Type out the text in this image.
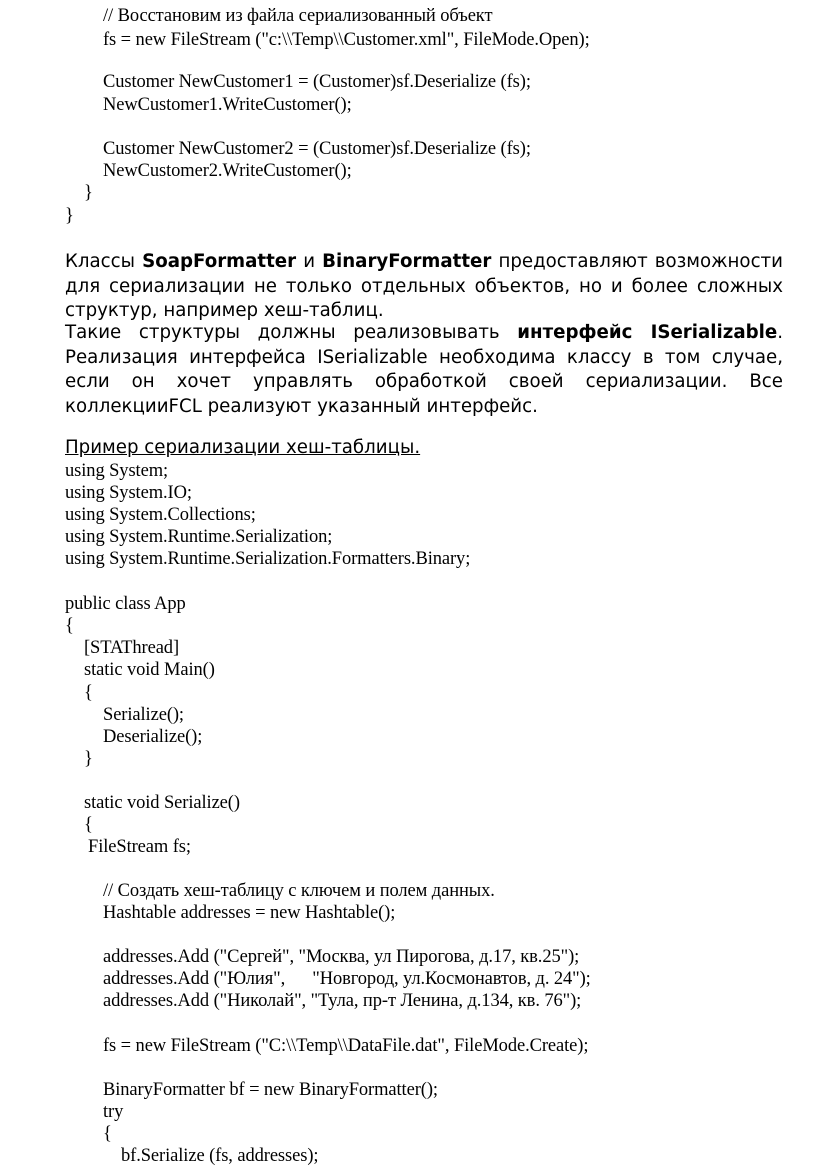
// Восстановим из файла сериализованный объект
fs = new FileStream ("c:\\Temp\\Customer.xml", FileMode.Open);
Customer NewCustomer1 = (Customer)sf.Deserialize (fs);
NewCustomer1.WriteCustomer();
Customer NewCustomer2 = (Customer)sf.Deserialize (fs);
NewCustomer2.WriteCustomer();
}
}

Классы SoapFormatter и BinaryFormatter предоставляют возможности для сериализации не только отдельных объектов, но и более сложных структур, например хеш-таблиц.

Такие структуры должны реализовывать интерфейс ISerializable. Реализация интерфейса ISerializable необходима классу в том случае, если он хочет управлять обработкой своей сериализации. Все коллекцииFCL реализуют указанный интерфейс.

Пример сериализации хеш-таблицы.
using System;
using System.IO;
using System.Collections;
using System.Runtime.Serialization;
using System.Runtime.Serialization.Formatters.Binary;
public class App
{
[STAThread]
static void Main()
{
Serialize();
Deserialize();
}
static void Serialize()
{
FileStream fs;
// Создать хеш-таблицу с ключем и полем данных.
Hashtable addresses = new Hashtable();
addresses.Add ("Сергей", "Москва, ул Пирогова, д.17, кв.25");
addresses.Add ("Юлия",      "Новгород, ул.Космонавтов, д. 24");
addresses.Add ("Николай", "Тула, пр-т Ленина, д.134, кв. 76");
fs = new FileStream ("C:\\Temp\\DataFile.dat", FileMode.Create);
BinaryFormatter bf = new BinaryFormatter();
try
{
bf.Serialize (fs, addresses);
